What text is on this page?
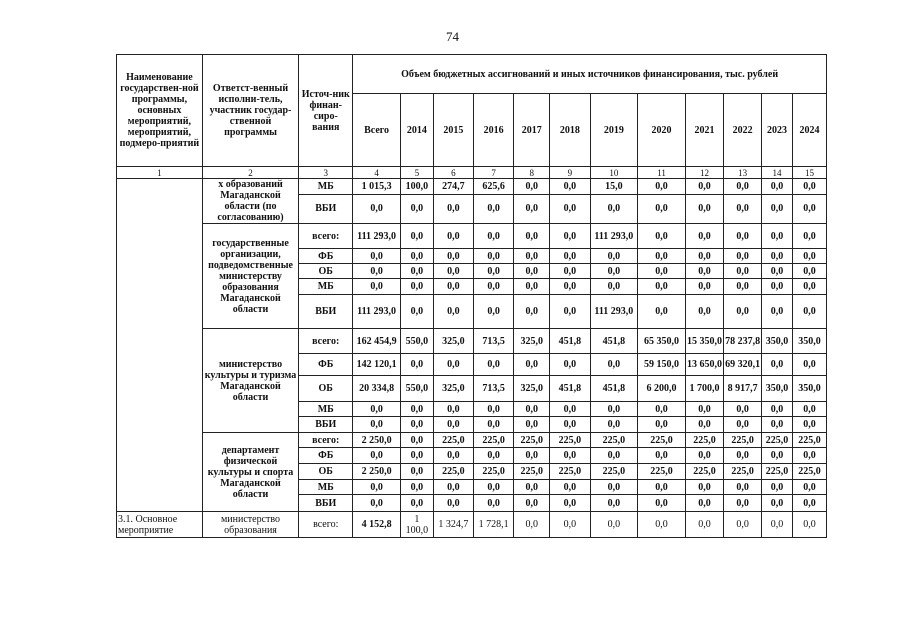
74
Наименование государствен-ной программы, основных мероприятий, мероприятий, подмеро-приятий	Ответст-венный исполни-тель, участник государ-ственной программы	Источ-ник финан-сиро-вания	Объем бюджетных ассигнований и иных источников финансирования, тыс. рублей											
			Всего	2014	2015	2016	2017	2018	2019	2020	2021	2022	2023	2024
1	2	3	4	5	6	7	8	9	10	11	12	13	14	15
	х образований Магаданской области (по согласованию)	МБ	1 015,3	100,0	274,7	625,6	0,0	0,0	15,0	0,0	0,0	0,0	0,0	0,0
		ВБИ	0,0	0,0	0,0	0,0	0,0	0,0	0,0	0,0	0,0	0,0	0,0	0,0
	государственные организации, подведомственные министерству образования Магаданской области	всего:	111 293,0	0,0	0,0	0,0	0,0	0,0	111 293,0	0,0	0,0	0,0	0,0	0,0
		ФБ	0,0	0,0	0,0	0,0	0,0	0,0	0,0	0,0	0,0	0,0	0,0	0,0
		ОБ	0,0	0,0	0,0	0,0	0,0	0,0	0,0	0,0	0,0	0,0	0,0	0,0
		МБ	0,0	0,0	0,0	0,0	0,0	0,0	0,0	0,0	0,0	0,0	0,0	0,0
		ВБИ	111 293,0	0,0	0,0	0,0	0,0	0,0	111 293,0	0,0	0,0	0,0	0,0	0,0
	министерство культуры и туризма Магаданской области	всего:	162 454,9	550,0	325,0	713,5	325,0	451,8	451,8	65 350,0	15 350,0	78 237,8	350,0	350,0
		ФБ	142 120,1	0,0	0,0	0,0	0,0	0,0	0,0	59 150,0	13 650,0	69 320,1	0,0	0,0
		ОБ	20 334,8	550,0	325,0	713,5	325,0	451,8	451,8	6 200,0	1 700,0	8 917,7	350,0	350,0
		МБ	0,0	0,0	0,0	0,0	0,0	0,0	0,0	0,0	0,0	0,0	0,0	0,0
		ВБИ	0,0	0,0	0,0	0,0	0,0	0,0	0,0	0,0	0,0	0,0	0,0	0,0
	департамент физической культуры и спорта Магаданской области	всего:	2 250,0	0,0	225,0	225,0	225,0	225,0	225,0	225,0	225,0	225,0	225,0	225,0
		ФБ	0,0	0,0	0,0	0,0	0,0	0,0	0,0	0,0	0,0	0,0	0,0	0,0
		ОБ	2 250,0	0,0	225,0	225,0	225,0	225,0	225,0	225,0	225,0	225,0	225,0	225,0
		МБ	0,0	0,0	0,0	0,0	0,0	0,0	0,0	0,0	0,0	0,0	0,0	0,0
		ВБИ	0,0	0,0	0,0	0,0	0,0	0,0	0,0	0,0	0,0	0,0	0,0	0,0
3.1. Основное мероприятие	министерство образования	всего:	4 152,8	1 100,0	1 324,7	1 728,1	0,0	0,0	0,0	0,0	0,0	0,0	0,0	0,0
